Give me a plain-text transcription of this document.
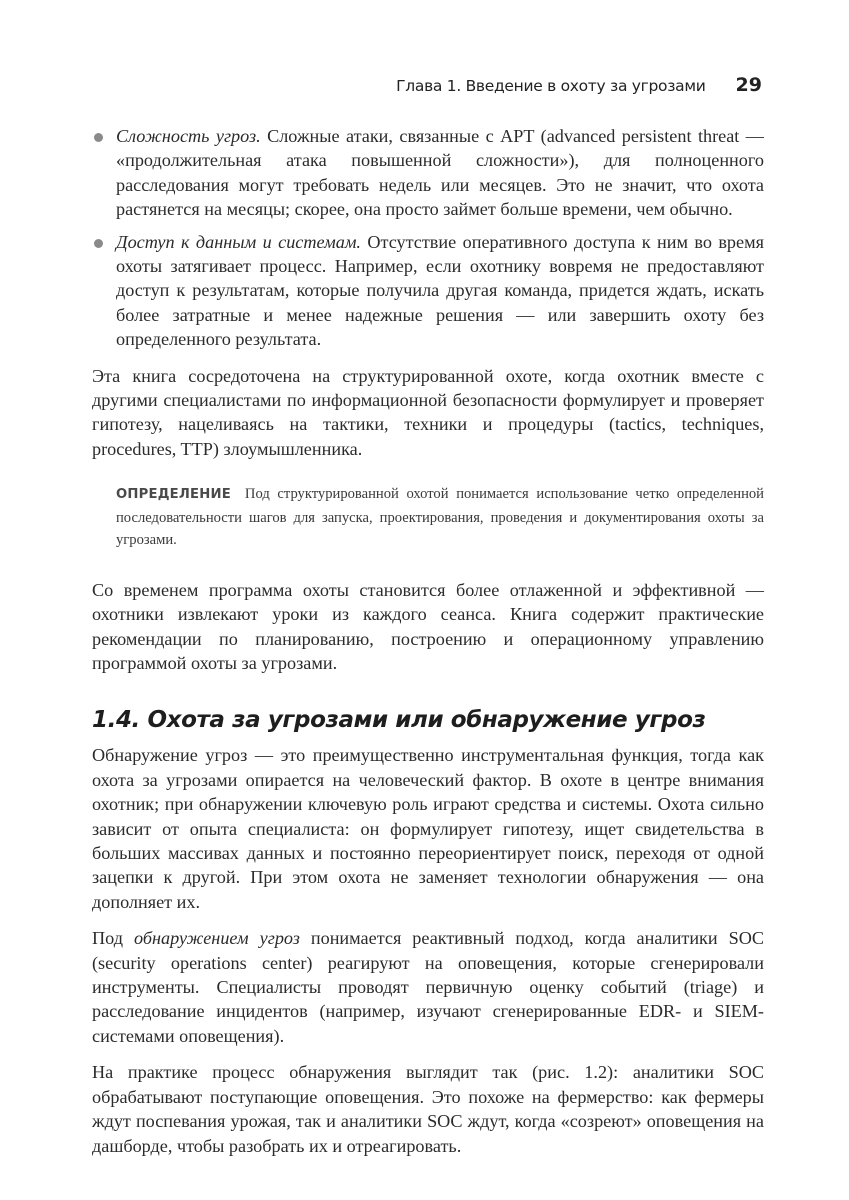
Глава 1. Введение в охоту за угрозами 29
Сложность угроз. Сложные атаки, связанные с APT (advanced persistent threat — «продолжительная атака повышенной сложности»), для полноценного расследования могут требовать недель или месяцев. Это не значит, что охота растянется на месяцы; скорее, она просто займет больше времени, чем обычно.
Доступ к данным и системам. Отсутствие оперативного доступа к ним во время охоты затягивает процесс. Например, если охотнику вовремя не предоставляют доступ к результатам, которые получила другая команда, придется ждать, искать более затратные и менее надежные решения — или завершить охоту без определенного результата.

Эта книга сосредоточена на структурированной охоте, когда охотник вместе с другими специалистами по информационной безопасности формулирует и проверяет гипотезу, нацеливаясь на тактики, техники и процедуры (tactics, techniques, procedures, TTP) злоумышленника.

ОПРЕДЕЛЕНИЕ Под структурированной охотой понимается использование четко определенной последовательности шагов для запуска, проектирования, проведения и документирования охоты за угрозами.

Со временем программа охоты становится более отлаженной и эффективной — охотники извлекают уроки из каждого сеанса. Книга содержит практические рекомендации по планированию, построению и операционному управлению программой охоты за угрозами.

1.4. Охота за угрозами или обнаружение угроз

Обнаружение угроз — это преимущественно инструментальная функция, тогда как охота за угрозами опирается на человеческий фактор. В охоте в центре внимания охотник; при обнаружении ключевую роль играют средства и системы. Охота сильно зависит от опыта специалиста: он формулирует гипотезу, ищет свидетельства в больших массивах данных и постоянно переориентирует поиск, переходя от одной зацепки к другой. При этом охота не заменяет технологии обнаружения — она дополняет их.

Под обнаружением угроз понимается реактивный подход, когда аналитики SOC (security operations center) реагируют на оповещения, которые сгенерировали инструменты. Специалисты проводят первичную оценку событий (triage) и расследование инцидентов (например, изучают сгенерированные EDR- и SIEM-системами оповещения).

На практике процесс обнаружения выглядит так (рис. 1.2): аналитики SOC обрабатывают поступающие оповещения. Это похоже на фермерство: как фермеры ждут поспевания урожая, так и аналитики SOC ждут, когда «созреют» оповещения на дашборде, чтобы разобрать их и отреагировать.
